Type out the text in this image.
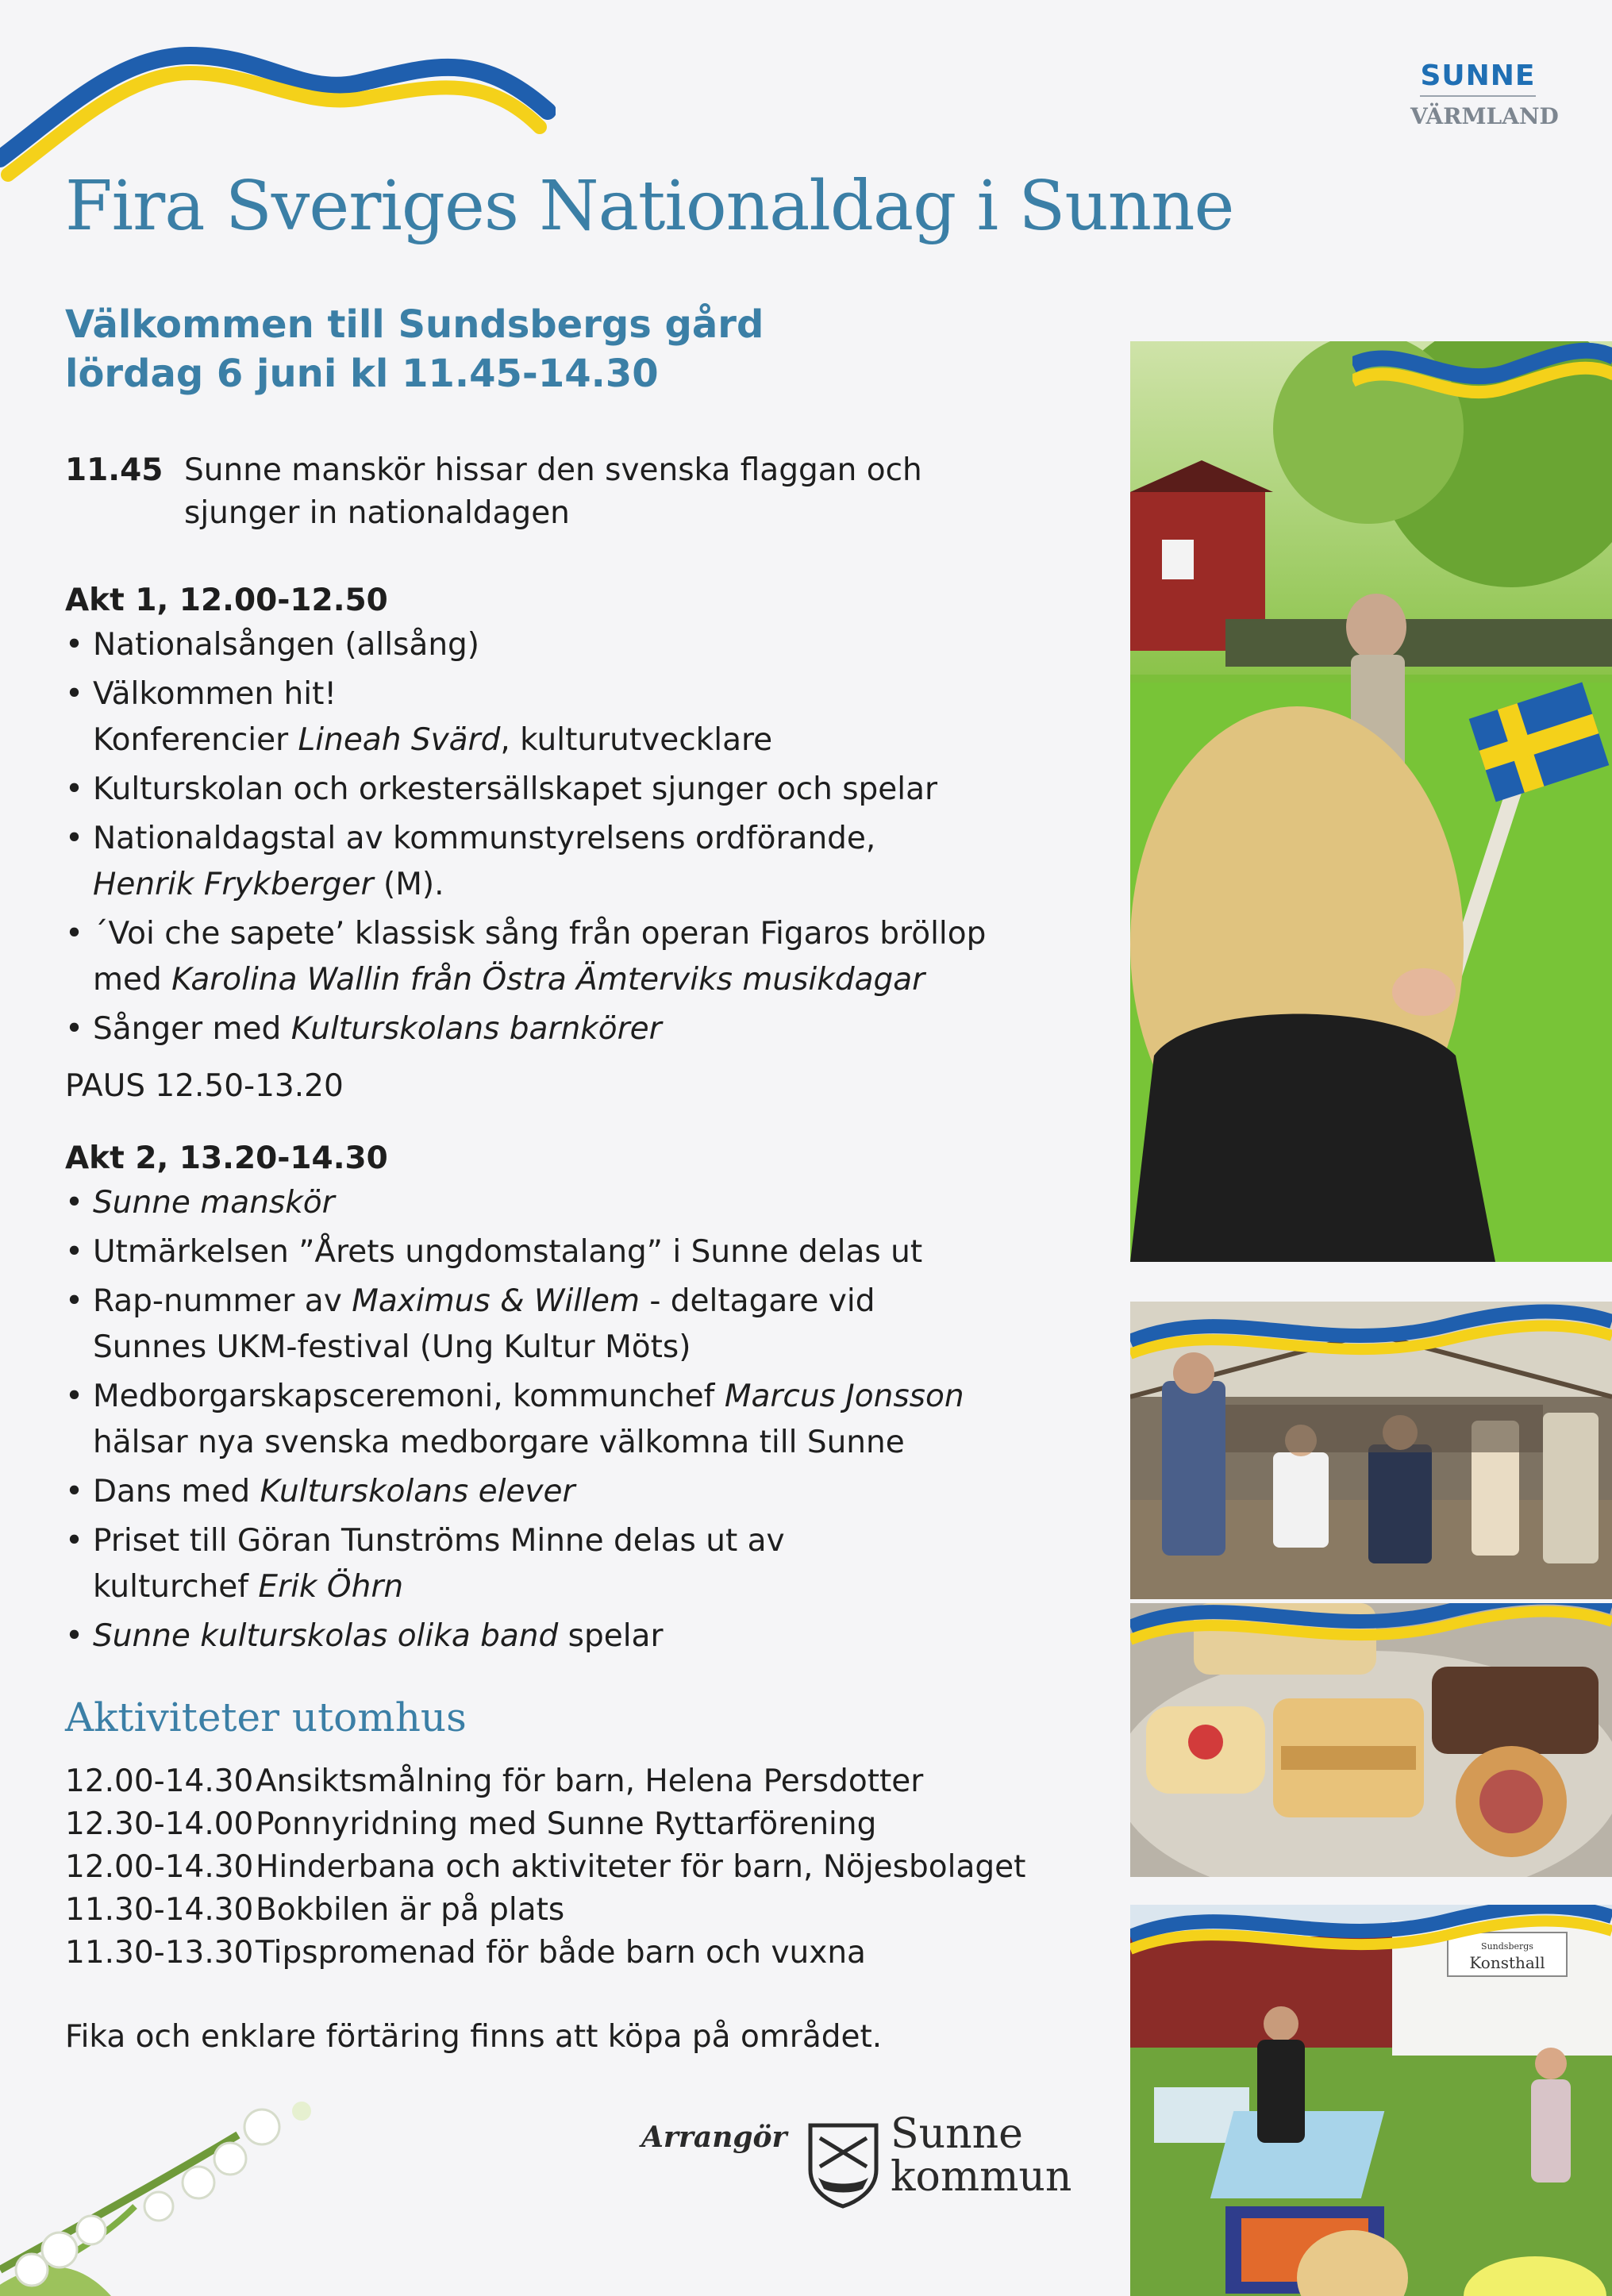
SUNNE
VÄRMLAND
Fira Sveriges Nationaldag i Sunne
Välkommen till Sundsbergs gård
lördag 6 juni kl 11.45-14.30
11.45 Sunne manskör hissar den svenska flaggan och
sjunger in nationaldagen
Akt 1, 12.00-12.50
• Nationalsången (allsång)
• Välkommen hit!
Konferencier Lineah Svärd, kulturutvecklare
• Kulturskolan och orkestersällskapet sjunger och spelar
• Nationaldagstal av kommunstyrelsens ordförande,
Henrik Frykberger (M).
• ´Voi che sapete’ klassisk sång från operan Figaros bröllop
med Karolina Wallin från Östra Ämterviks musikdagar
• Sånger med Kulturskolans barnkörer
PAUS 12.50-13.20
Akt 2, 13.20-14.30
• Sunne manskör
• Utmärkelsen ”Årets ungdomstalang” i Sunne delas ut
• Rap-nummer av Maximus & Willem - deltagare vid
Sunnes UKM-festival (Ung Kultur Möts)
• Medborgarskapsceremoni, kommunchef Marcus Jonsson
hälsar nya svenska medborgare välkomna till Sunne
• Dans med Kulturskolans elever
• Priset till Göran Tunströms Minne delas ut av
kulturchef Erik Öhrn
• Sunne kulturskolas olika band spelar
Aktiviteter utomhus
12.00-14.30Ansiktsmålning för barn, Helena Persdotter
12.30-14.00Ponnyridning med Sunne Ryttarförening
12.00-14.30Hinderbana och aktiviteter för barn, Nöjesbolaget
11.30-14.30Bokbilen är på plats
11.30-13.30Tipspromenad för både barn och vuxna
Fika och enklare förtäring finns att köpa på området.
Arrangör	Sunne
kommun
Sundsbergs
Konsthall
